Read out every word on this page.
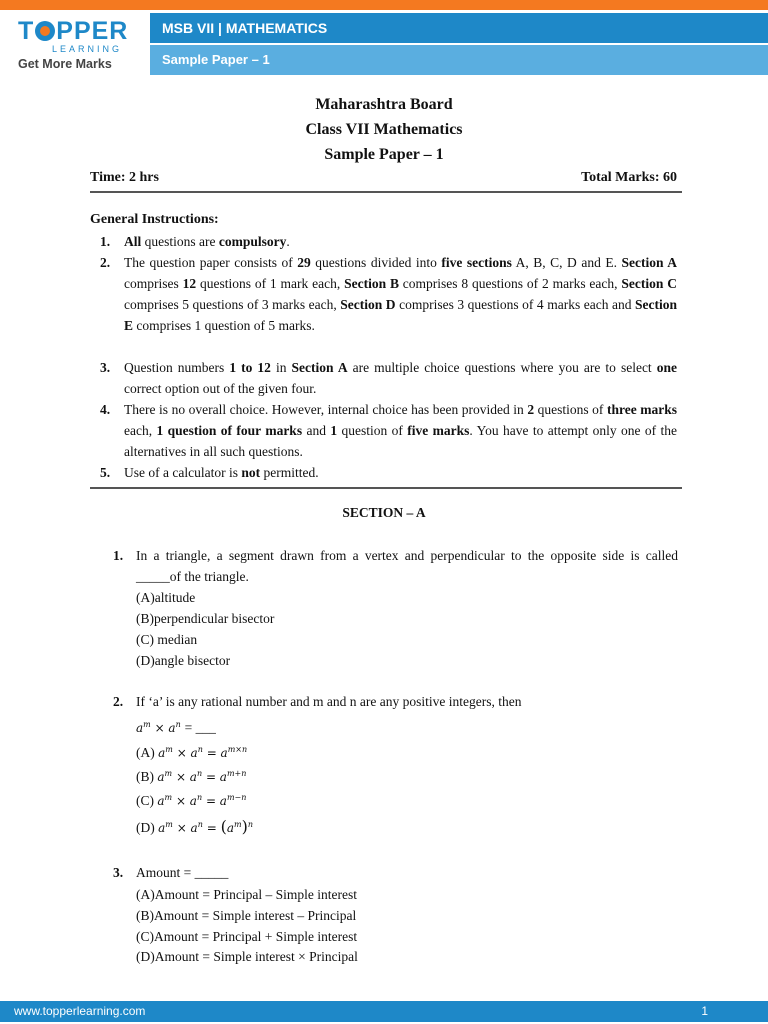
T PPER
LEARNING
Get More Marks
MSB VII | MATHEMATICS
Sample Paper – 1
Maharashtra Board
Class VII Mathematics
Sample Paper – 1
Time: 2 hrs	Total Marks: 60
General Instructions:
1. All questions are compulsory.
2. The question paper consists of 29 questions divided into five sections A, B, C, D and E. Section A comprises 12 questions of 1 mark each, Section B comprises 8 questions of 2 marks each, Section C comprises 5 questions of 3 marks each, Section D comprises 3 questions of 4 marks each and Section E comprises 1 question of 5 marks.
3. Question numbers 1 to 12 in Section A are multiple choice questions where you are to select one correct option out of the given four.
4. There is no overall choice. However, internal choice has been provided in 2 questions of three marks each, 1 question of four marks and 1 question of five marks. You have to attempt only one of the alternatives in all such questions.
5. Use of a calculator is not permitted.
SECTION – A
1. In a triangle, a segment drawn from a vertex and perpendicular to the opposite side is called _____of the triangle.
(A)altitude
(B)perpendicular bisector
(C) median
(D)angle bisector
2. If ‘a’ is any rational number and m and n are any positive integers, then
$a^m \times a^n$ = ___
(A) $a^m \times a^n = a^{m\times n}$
(B) $a^m \times a^n = a^{m+n}$
(C) $a^m \times a^n = a^{m-n}$
(D) $a^m \times a^n = (a^m)^n$
3. Amount = _____
(A)Amount = Principal – Simple interest
(B)Amount = Simple interest – Principal
(C)Amount = Principal + Simple interest
(D)Amount = Simple interest × Principal
www.topperlearning.com	1
